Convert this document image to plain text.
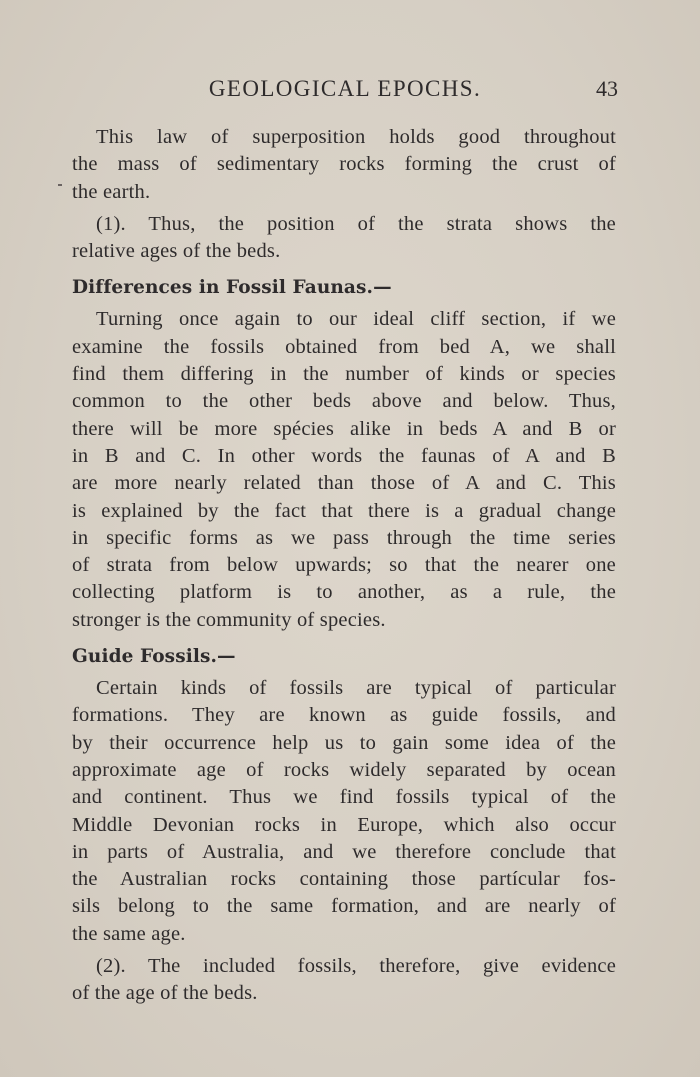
GEOLOGICAL EPOCHS.	43
This law of superposition holds good throughout
the mass of sedimentary rocks forming the crust of
the earth.
(1). Thus, the position of the strata shows the
relative ages of the beds.
Differences in Fossil Faunas.—
Turning once again to our ideal cliff section, if we
examine the fossils obtained from bed A, we shall
find them differing in the number of kinds or species
common to the other beds above and below. Thus,
there will be more spécies alike in beds A and B or
in B and C. In other words the faunas of A and B
are more nearly related than those of A and C. This
is explained by the fact that there is a gradual change
in specific forms as we pass through the time series
of strata from below upwards; so that the nearer one
collecting platform is to another, as a rule, the
stronger is the community of species.
Guide Fossils.—
Certain kinds of fossils are typical of particular
formations. They are known as guide fossils, and
by their occurrence help us to gain some idea of the
approximate age of rocks widely separated by ocean
and continent. Thus we find fossils typical of the
Middle Devonian rocks in Europe, which also occur
in parts of Australia, and we therefore conclude that
the Australian rocks containing those partícular fos-
sils belong to the same formation, and are nearly of
the same age.
(2). The included fossils, therefore, give evidence
of the age of the beds.
